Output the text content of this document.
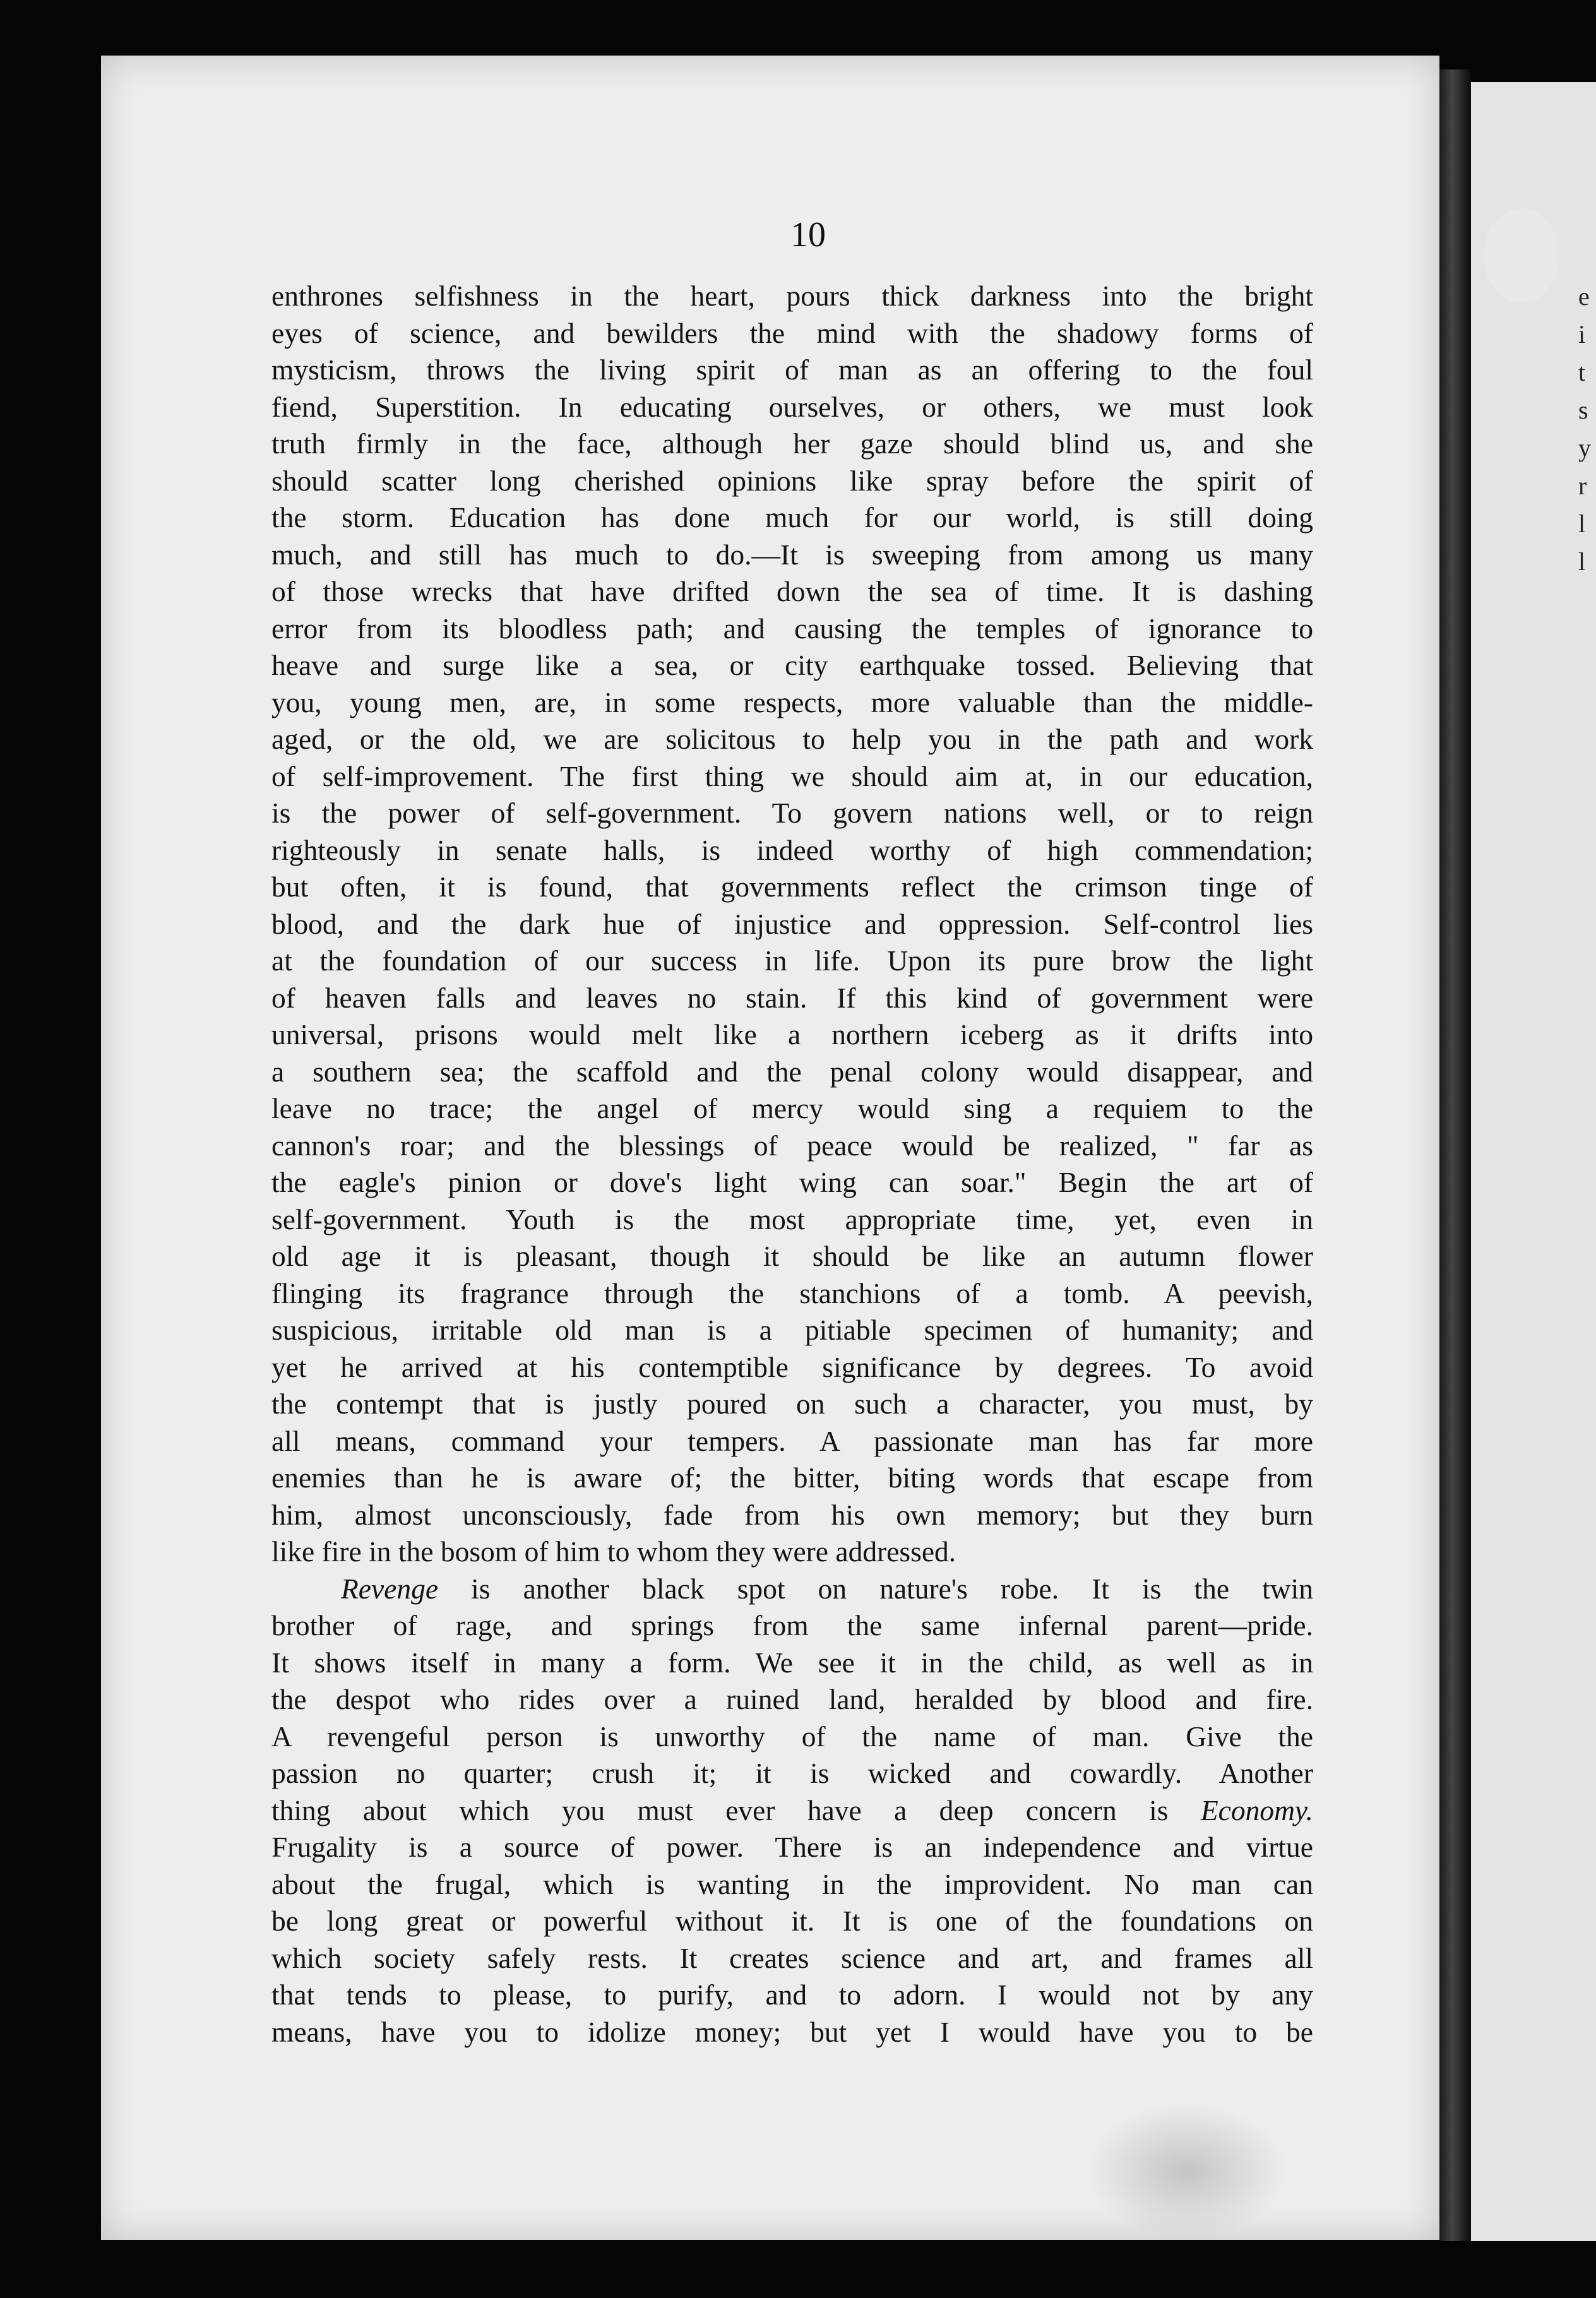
e
i
t
s
y
r
l
l
10
enthrones selfishness in the heart, pours thick darkness into the bright
eyes of science, and bewilders the mind with the shadowy forms of
mysticism, throws the living spirit of man as an offering to the foul
fiend, Superstition. In educating ourselves, or others, we must look
truth firmly in the face, although her gaze should blind us, and she
should scatter long cherished opinions like spray before the spirit of
the storm. Education has done much for our world, is still doing
much, and still has much to do.—It is sweeping from among us many
of those wrecks that have drifted down the sea of time. It is dashing
error from its bloodless path; and causing the temples of ignorance to
heave and surge like a sea, or city earthquake tossed. Believing that
you, young men, are, in some respects, more valuable than the middle-
aged, or the old, we are solicitous to help you in the path and work
of self-improvement. The first thing we should aim at, in our education,
is the power of self-government. To govern nations well, or to reign
righteously in senate halls, is indeed worthy of high commendation;
but often, it is found, that governments reflect the crimson tinge of
blood, and the dark hue of injustice and oppression. Self-control lies
at the foundation of our success in life. Upon its pure brow the light
of heaven falls and leaves no stain. If this kind of government were
universal, prisons would melt like a northern iceberg as it drifts into
a southern sea; the scaffold and the penal colony would disappear, and
leave no trace; the angel of mercy would sing a requiem to the
cannon's roar; and the blessings of peace would be realized, " far as
the eagle's pinion or dove's light wing can soar." Begin the art of
self-government. Youth is the most appropriate time, yet, even in
old age it is pleasant, though it should be like an autumn flower
flinging its fragrance through the stanchions of a tomb. A peevish,
suspicious, irritable old man is a pitiable specimen of humanity; and
yet he arrived at his contemptible significance by degrees. To avoid
the contempt that is justly poured on such a character, you must, by
all means, command your tempers. A passionate man has far more
enemies than he is aware of; the bitter, biting words that escape from
him, almost unconsciously, fade from his own memory; but they burn
like fire in the bosom of him to whom they were addressed.
Revenge is another black spot on nature's robe. It is the twin
brother of rage, and springs from the same infernal parent—pride.
It shows itself in many a form. We see it in the child, as well as in
the despot who rides over a ruined land, heralded by blood and fire.
A revengeful person is unworthy of the name of man. Give the
passion no quarter; crush it; it is wicked and cowardly. Another
thing about which you must ever have a deep concern is Economy.
Frugality is a source of power. There is an independence and virtue
about the frugal, which is wanting in the improvident. No man can
be long great or powerful without it. It is one of the foundations on
which society safely rests. It creates science and art, and frames all
that tends to please, to purify, and to adorn. I would not by any
means, have you to idolize money; but yet I would have you to be
